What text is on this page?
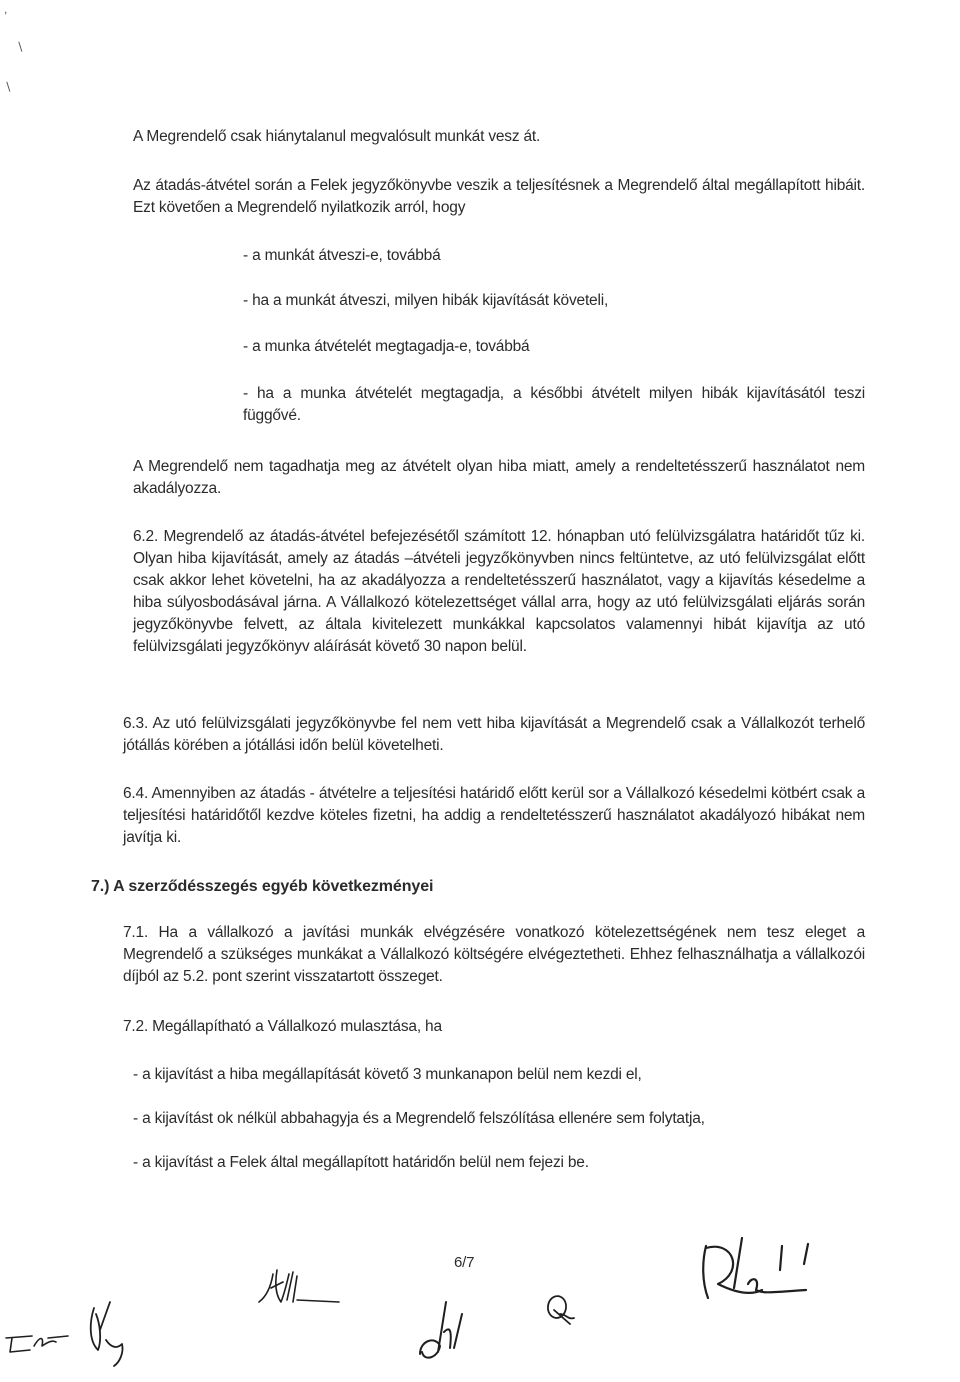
,
∖
∖

A Megrendelő csak hiánytalanul megvalósult munkát vesz át.

Az átadás-átvétel során a Felek jegyzőkönyvbe veszik a teljesítésnek a Megrendelő által megállapított hibáit. Ezt követően a Megrendelő nyilatkozik arról, hogy

- a munkát átveszi-e, továbbá

- ha a munkát átveszi, milyen hibák kijavítását követeli,

- a munka átvételét megtagadja-e, továbbá

- ha a munka átvételét megtagadja, a későbbi átvételt milyen hibák kijavításától teszi függővé.

A Megrendelő nem tagadhatja meg az átvételt olyan hiba miatt, amely a rendeltetésszerű használatot nem akadályozza.

6.2. Megrendelő az átadás-átvétel befejezésétől számított 12. hónapban utó felülvizsgálatra határidőt tűz ki. Olyan hiba kijavítását, amely az átadás –átvételi jegyzőkönyvben nincs feltüntetve, az utó felülvizsgálat előtt csak akkor lehet követelni, ha az akadályozza a rendeltetésszerű használatot, vagy a kijavítás késedelme a hiba súlyosbodásával járna. A Vállalkozó kötelezettséget vállal arra, hogy az utó felülvizsgálati eljárás során jegyzőkönyvbe felvett, az általa kivitelezett munkákkal kapcsolatos valamennyi hibát kijavítja az utó felülvizsgálati jegyzőkönyv aláírását követő 30 napon belül.

6.3. Az utó felülvizsgálati jegyzőkönyvbe fel nem vett hiba kijavítását a Megrendelő csak a Vállalkozót terhelő jótállás körében a jótállási időn belül követelheti.

6.4. Amennyiben az átadás - átvételre a teljesítési határidő előtt kerül sor a Vállalkozó késedelmi kötbért csak a teljesítési határidőtől kezdve köteles fizetni, ha addig a rendeltetésszerű használatot akadályozó hibákat nem javítja ki.

7.) A szerződésszegés egyéb következményei

7.1. Ha a vállalkozó a javítási munkák elvégzésére vonatkozó kötelezettségének nem tesz eleget a Megrendelő a szükséges munkákat a Vállalkozó költségére elvégeztetheti. Ehhez felhasználhatja a vállalkozói díjból az 5.2. pont szerint visszatartott összeget.

7.2. Megállapítható a Vállalkozó mulasztása, ha

- a kijavítást a hiba megállapítását követő 3 munkanapon belül nem kezdi el,

- a kijavítást ok nélkül abbahagyja és a Megrendelő felszólítása ellenére sem folytatja,

- a kijavítást a Felek által megállapított határidőn belül nem fejezi be.

6/7
